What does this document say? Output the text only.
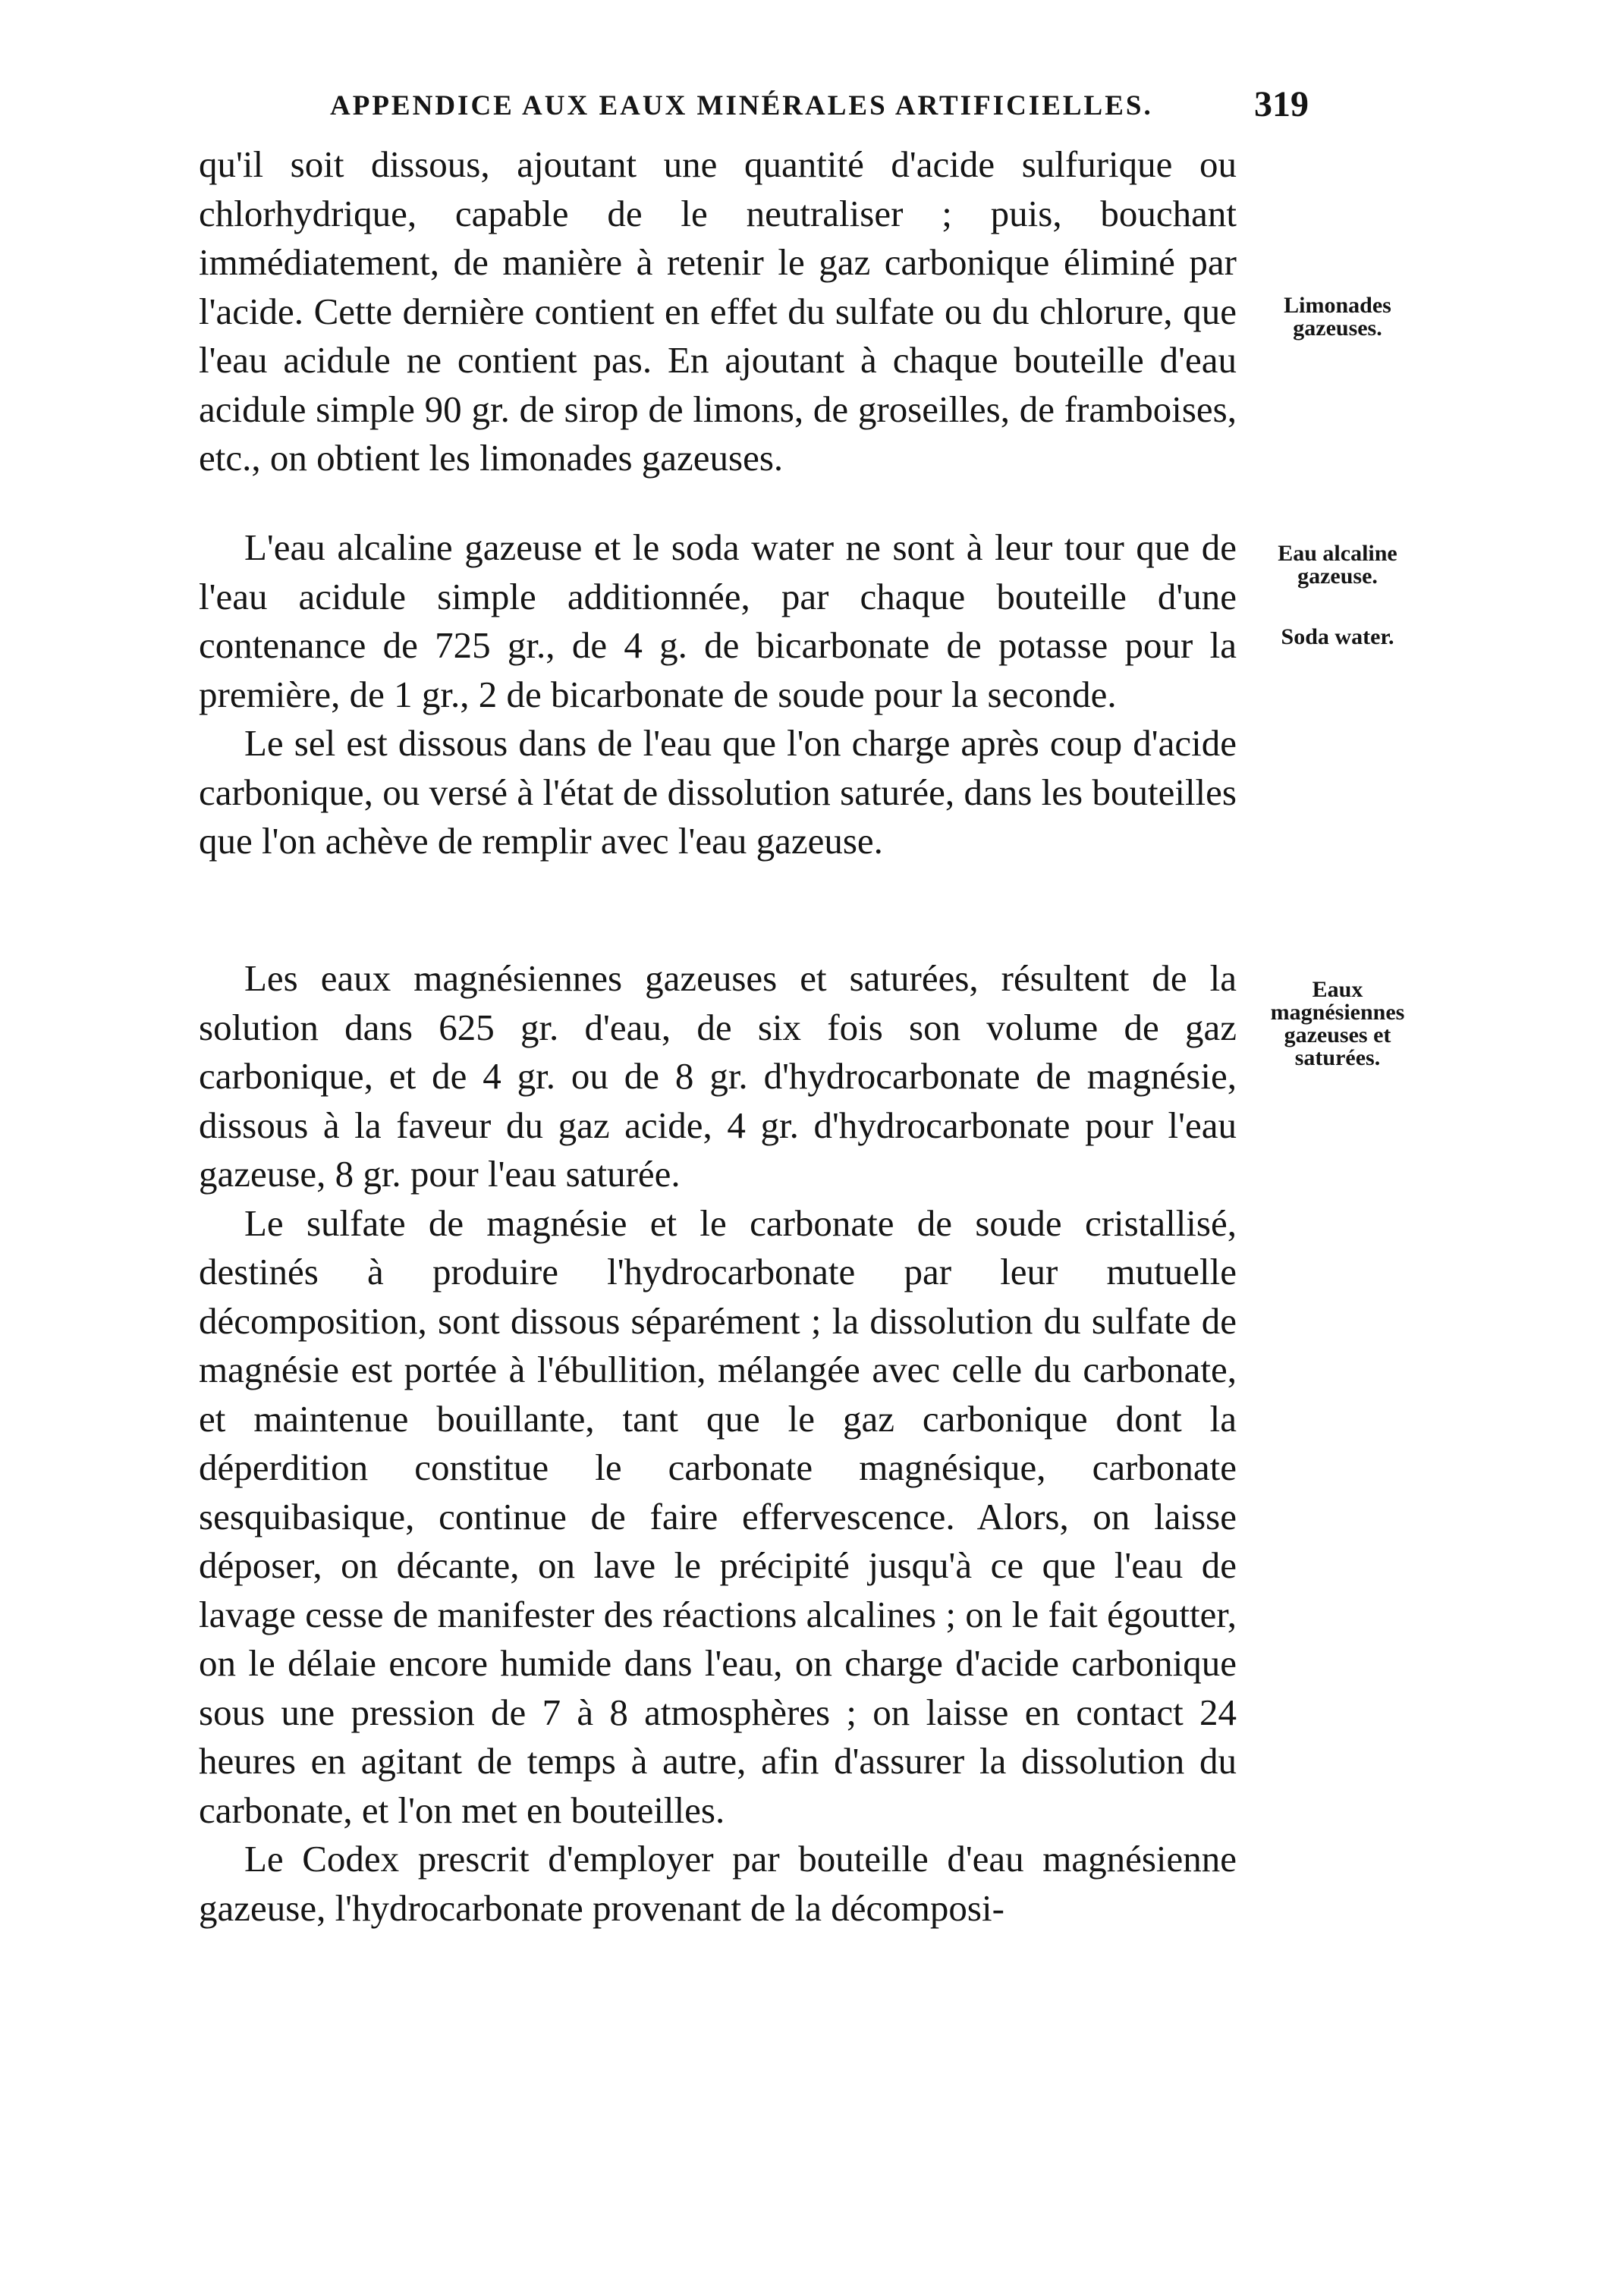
APPENDICE AUX EAUX MINÉRALES ARTIFICIELLES.	319

qu'il soit dissous, ajoutant une quantité d'acide sulfurique ou chlorhydrique, capable de le neutraliser ; puis, bouchant immédiatement, de manière à retenir le gaz carbonique éliminé par l'acide. Cette dernière contient en effet du sulfate ou du chlorure, que l'eau acidule ne contient pas. En ajoutant à chaque bouteille d'eau acidule simple 90 gr. de sirop de limons, de groseilles, de framboises, etc., on obtient les limonades gazeuses.

L'eau alcaline gazeuse et le soda water ne sont à leur tour que de l'eau acidule simple additionnée, par chaque bouteille d'une contenance de 725 gr., de 4 g. de bicarbonate de potasse pour la première, de 1 gr., 2 de bicarbonate de soude pour la seconde.

Le sel est dissous dans de l'eau que l'on charge après coup d'acide carbonique, ou versé à l'état de dissolution saturée, dans les bouteilles que l'on achève de remplir avec l'eau gazeuse.

Les eaux magnésiennes gazeuses et saturées, résultent de la solution dans 625 gr. d'eau, de six fois son volume de gaz carbonique, et de 4 gr. ou de 8 gr. d'hydrocarbonate de magnésie, dissous à la faveur du gaz acide, 4 gr. d'hydrocarbonate pour l'eau gazeuse, 8 gr. pour l'eau saturée.

Le sulfate de magnésie et le carbonate de soude cristallisé, destinés à produire l'hydrocarbonate par leur mutuelle décomposition, sont dissous séparément ; la dissolution du sulfate de magnésie est portée à l'ébullition, mélangée avec celle du carbonate, et maintenue bouillante, tant que le gaz carbonique dont la déperdition constitue le carbonate magnésique, carbonate sesquibasique, continue de faire effervescence. Alors, on laisse déposer, on décante, on lave le précipité jusqu'à ce que l'eau de lavage cesse de manifester des réactions alcalines ; on le fait égoutter, on le délaie encore humide dans l'eau, on charge d'acide carbonique sous une pression de 7 à 8 atmosphères ; on laisse en contact 24 heures en agitant de temps à autre, afin d'assurer la dissolution du carbonate, et l'on met en bouteilles.

Le Codex prescrit d'employer par bouteille d'eau magnésienne gazeuse, l'hydrocarbonate provenant de la décomposi-

Limonades gazeuses.
Eau alcaline gazeuse.
Soda water.
Eaux magnésiennes gazeuses et saturées.
